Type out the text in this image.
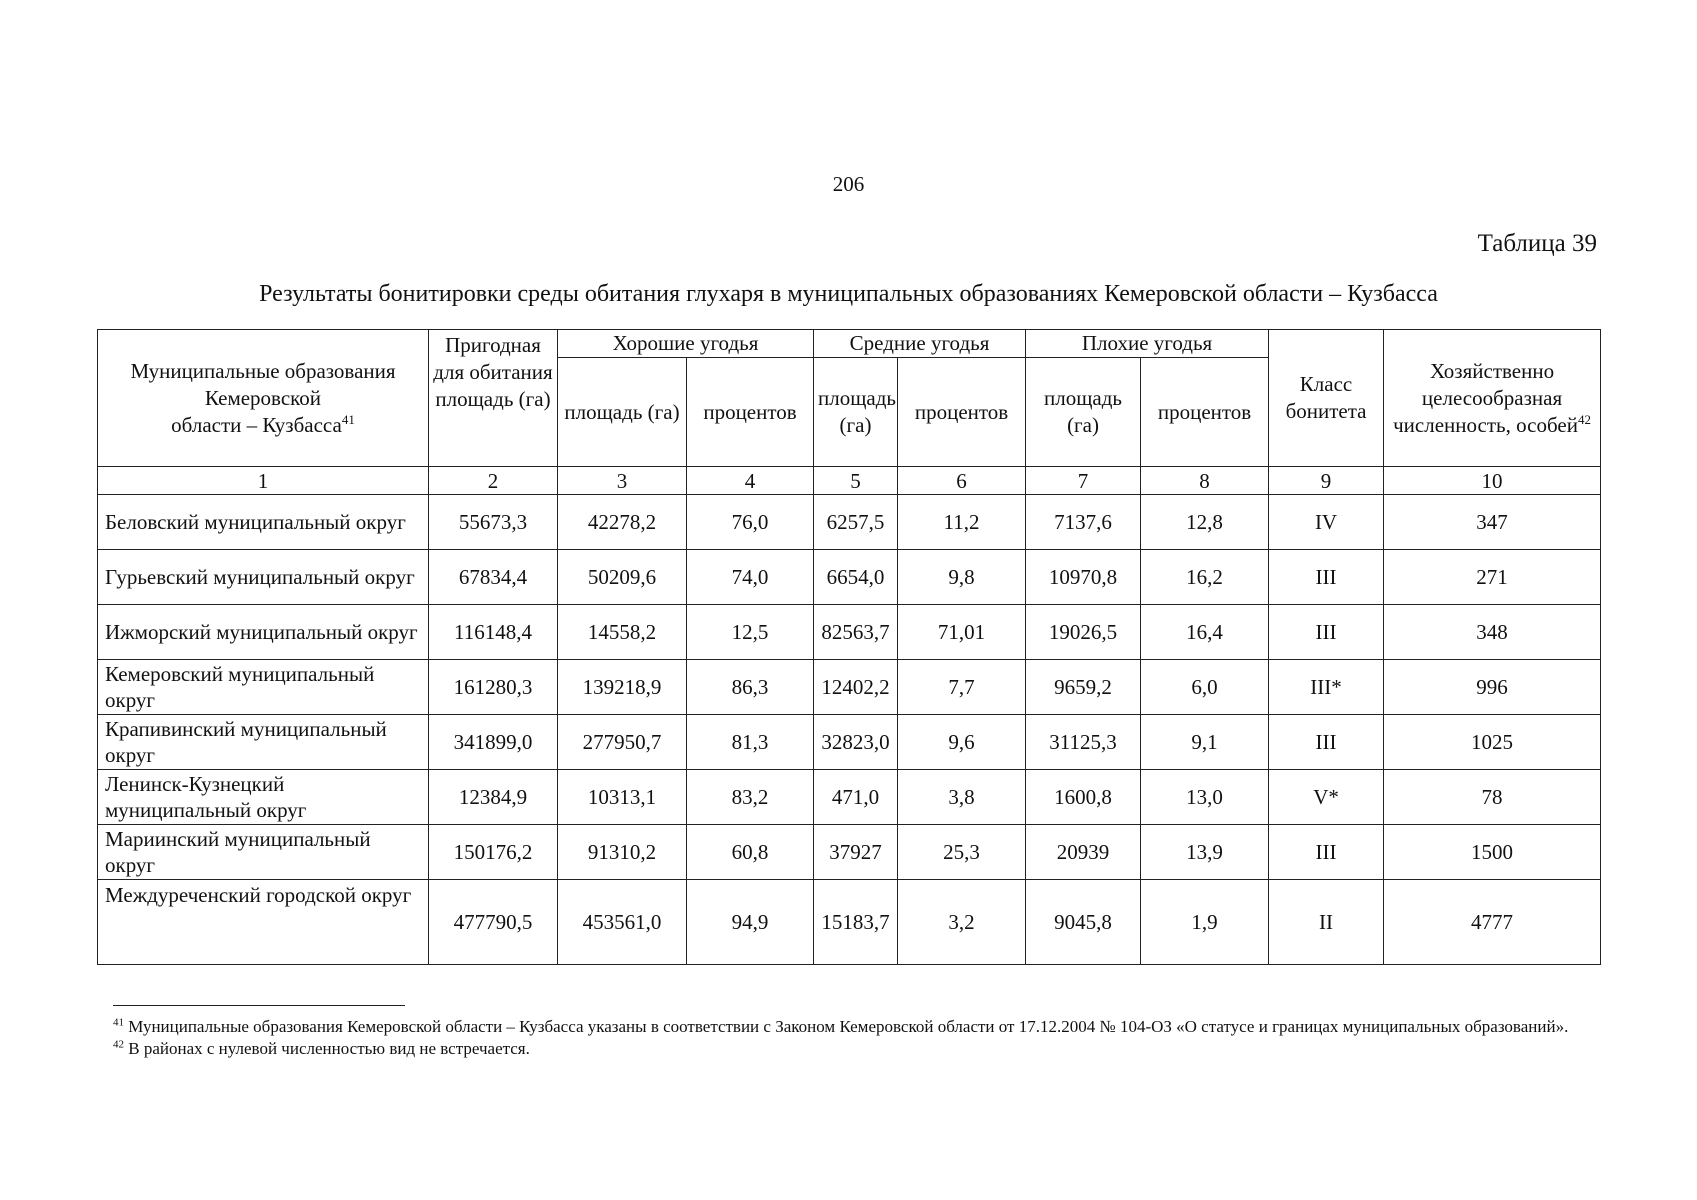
206
Таблица 39
Результаты бонитировки среды обитания глухаря в муниципальных образованиях Кемеровской области – Кузбасса
Муниципальные образования
Кемеровской
области – Кузбасса$^{41}$	Пригодная для обитания площадь (га)	Хорошие угодья		Средние угодья		Плохие угодья		Класс бонитета	Хозяйственно целесообразная численность, особей$^{42}$
		площадь (га)	процентов	площадь (га)	процентов	площадь (га)	процентов		
1	2	3	4	5	6	7	8	9	10
Беловский муниципальный округ	55673,3	42278,2	76,0	6257,5	11,2	7137,6	12,8	IV	347
Гурьевский муниципальный округ	67834,4	50209,6	74,0	6654,0	9,8	10970,8	16,2	III	271
Ижморский муниципальный округ	116148,4	14558,2	12,5	82563,7	71,01	19026,5	16,4	III	348
Кемеровский муниципальный округ	161280,3	139218,9	86,3	12402,2	7,7	9659,2	6,0	III*	996
Крапивинский муниципальный округ	341899,0	277950,7	81,3	32823,0	9,6	31125,3	9,1	III	1025
Ленинск-Кузнецкий муниципальный округ	12384,9	10313,1	83,2	471,0	3,8	1600,8	13,0	V*	78
Мариинский муниципальный округ	150176,2	91310,2	60,8	37927	25,3	20939	13,9	III	1500
Междуреченский городской округ	477790,5	453561,0	94,9	15183,7	3,2	9045,8	1,9	II	4777

$^{41}$ Муниципальные образования Кемеровской области – Кузбасса указаны в соответствии с Законом Кемеровской области от 17.12.2004 № 104-ОЗ «О статусе и границах муниципальных образований».

$^{42}$ В районах с нулевой численностью вид не встречается.
